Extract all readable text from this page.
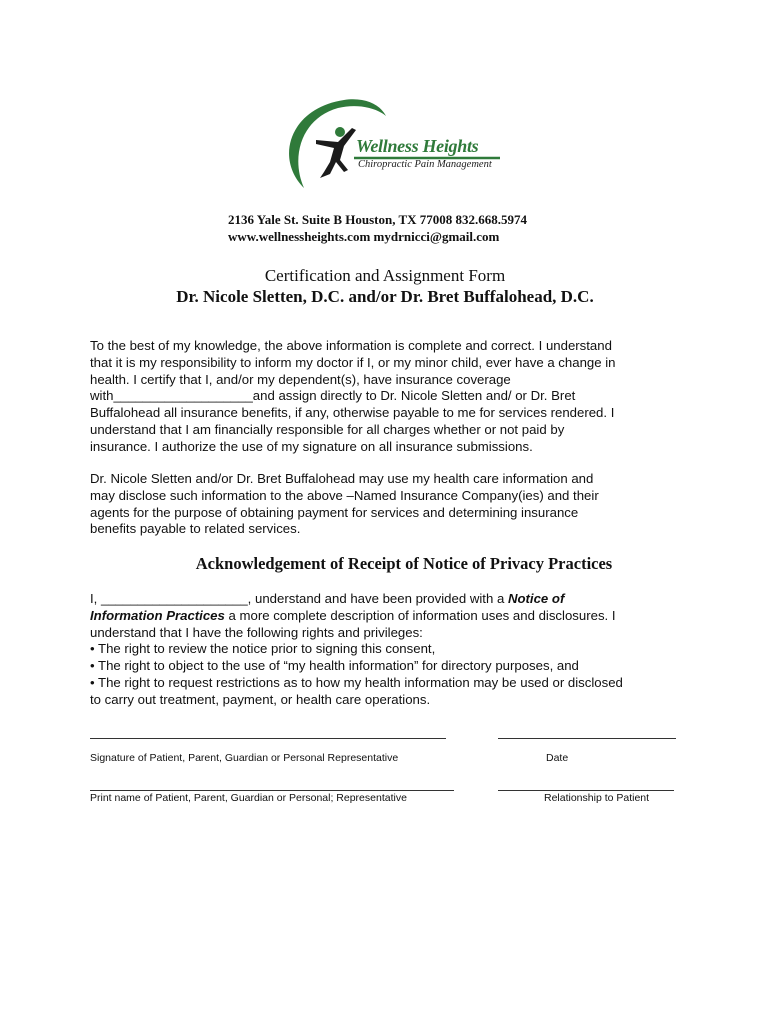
Wellness Heights
Chiropractic Pain Management
2136 Yale St. Suite B Houston, TX 77008 832.668.5974
www.wellnessheights.com mydrnicci@gmail.com
Certification and Assignment Form
Dr. Nicole Sletten, D.C. and/or Dr. Bret Buffalohead, D.C.

To the best of my knowledge, the above information is complete and correct. I understand

that it is my responsibility to inform my doctor if I, or my minor child, ever have a change in

health. I certify that I, and/or my dependent(s), have insurance coverage

with___________________and assign directly to Dr. Nicole Sletten and/ or Dr. Bret

Buffalohead all insurance benefits, if any, otherwise payable to me for services rendered. I

understand that I am financially responsible for all charges whether or not paid by

insurance. I authorize the use of my signature on all insurance submissions.

Dr. Nicole Sletten and/or Dr. Bret Buffalohead may use my health care information and

may disclose such information to the above –Named Insurance Company(ies) and their

agents for the purpose of obtaining payment for services and determining insurance

benefits payable to related services.

Acknowledgement of Receipt of Notice of Privacy Practices

I, ____________________, understand and have been provided with a Notice of

Information Practices a more complete description of information uses and disclosures. I

understand that I have the following rights and privileges:

• The right to review the notice prior to signing this consent,

• The right to object to the use of “my health information” for directory purposes, and

• The right to request restrictions as to how my health information may be used or disclosed

to carry out treatment, payment, or health care operations.

Signature of Patient, Parent, Guardian or Personal Representative	Date
Print name of Patient, Parent, Guardian or Personal; Representative	Relationship to Patient
